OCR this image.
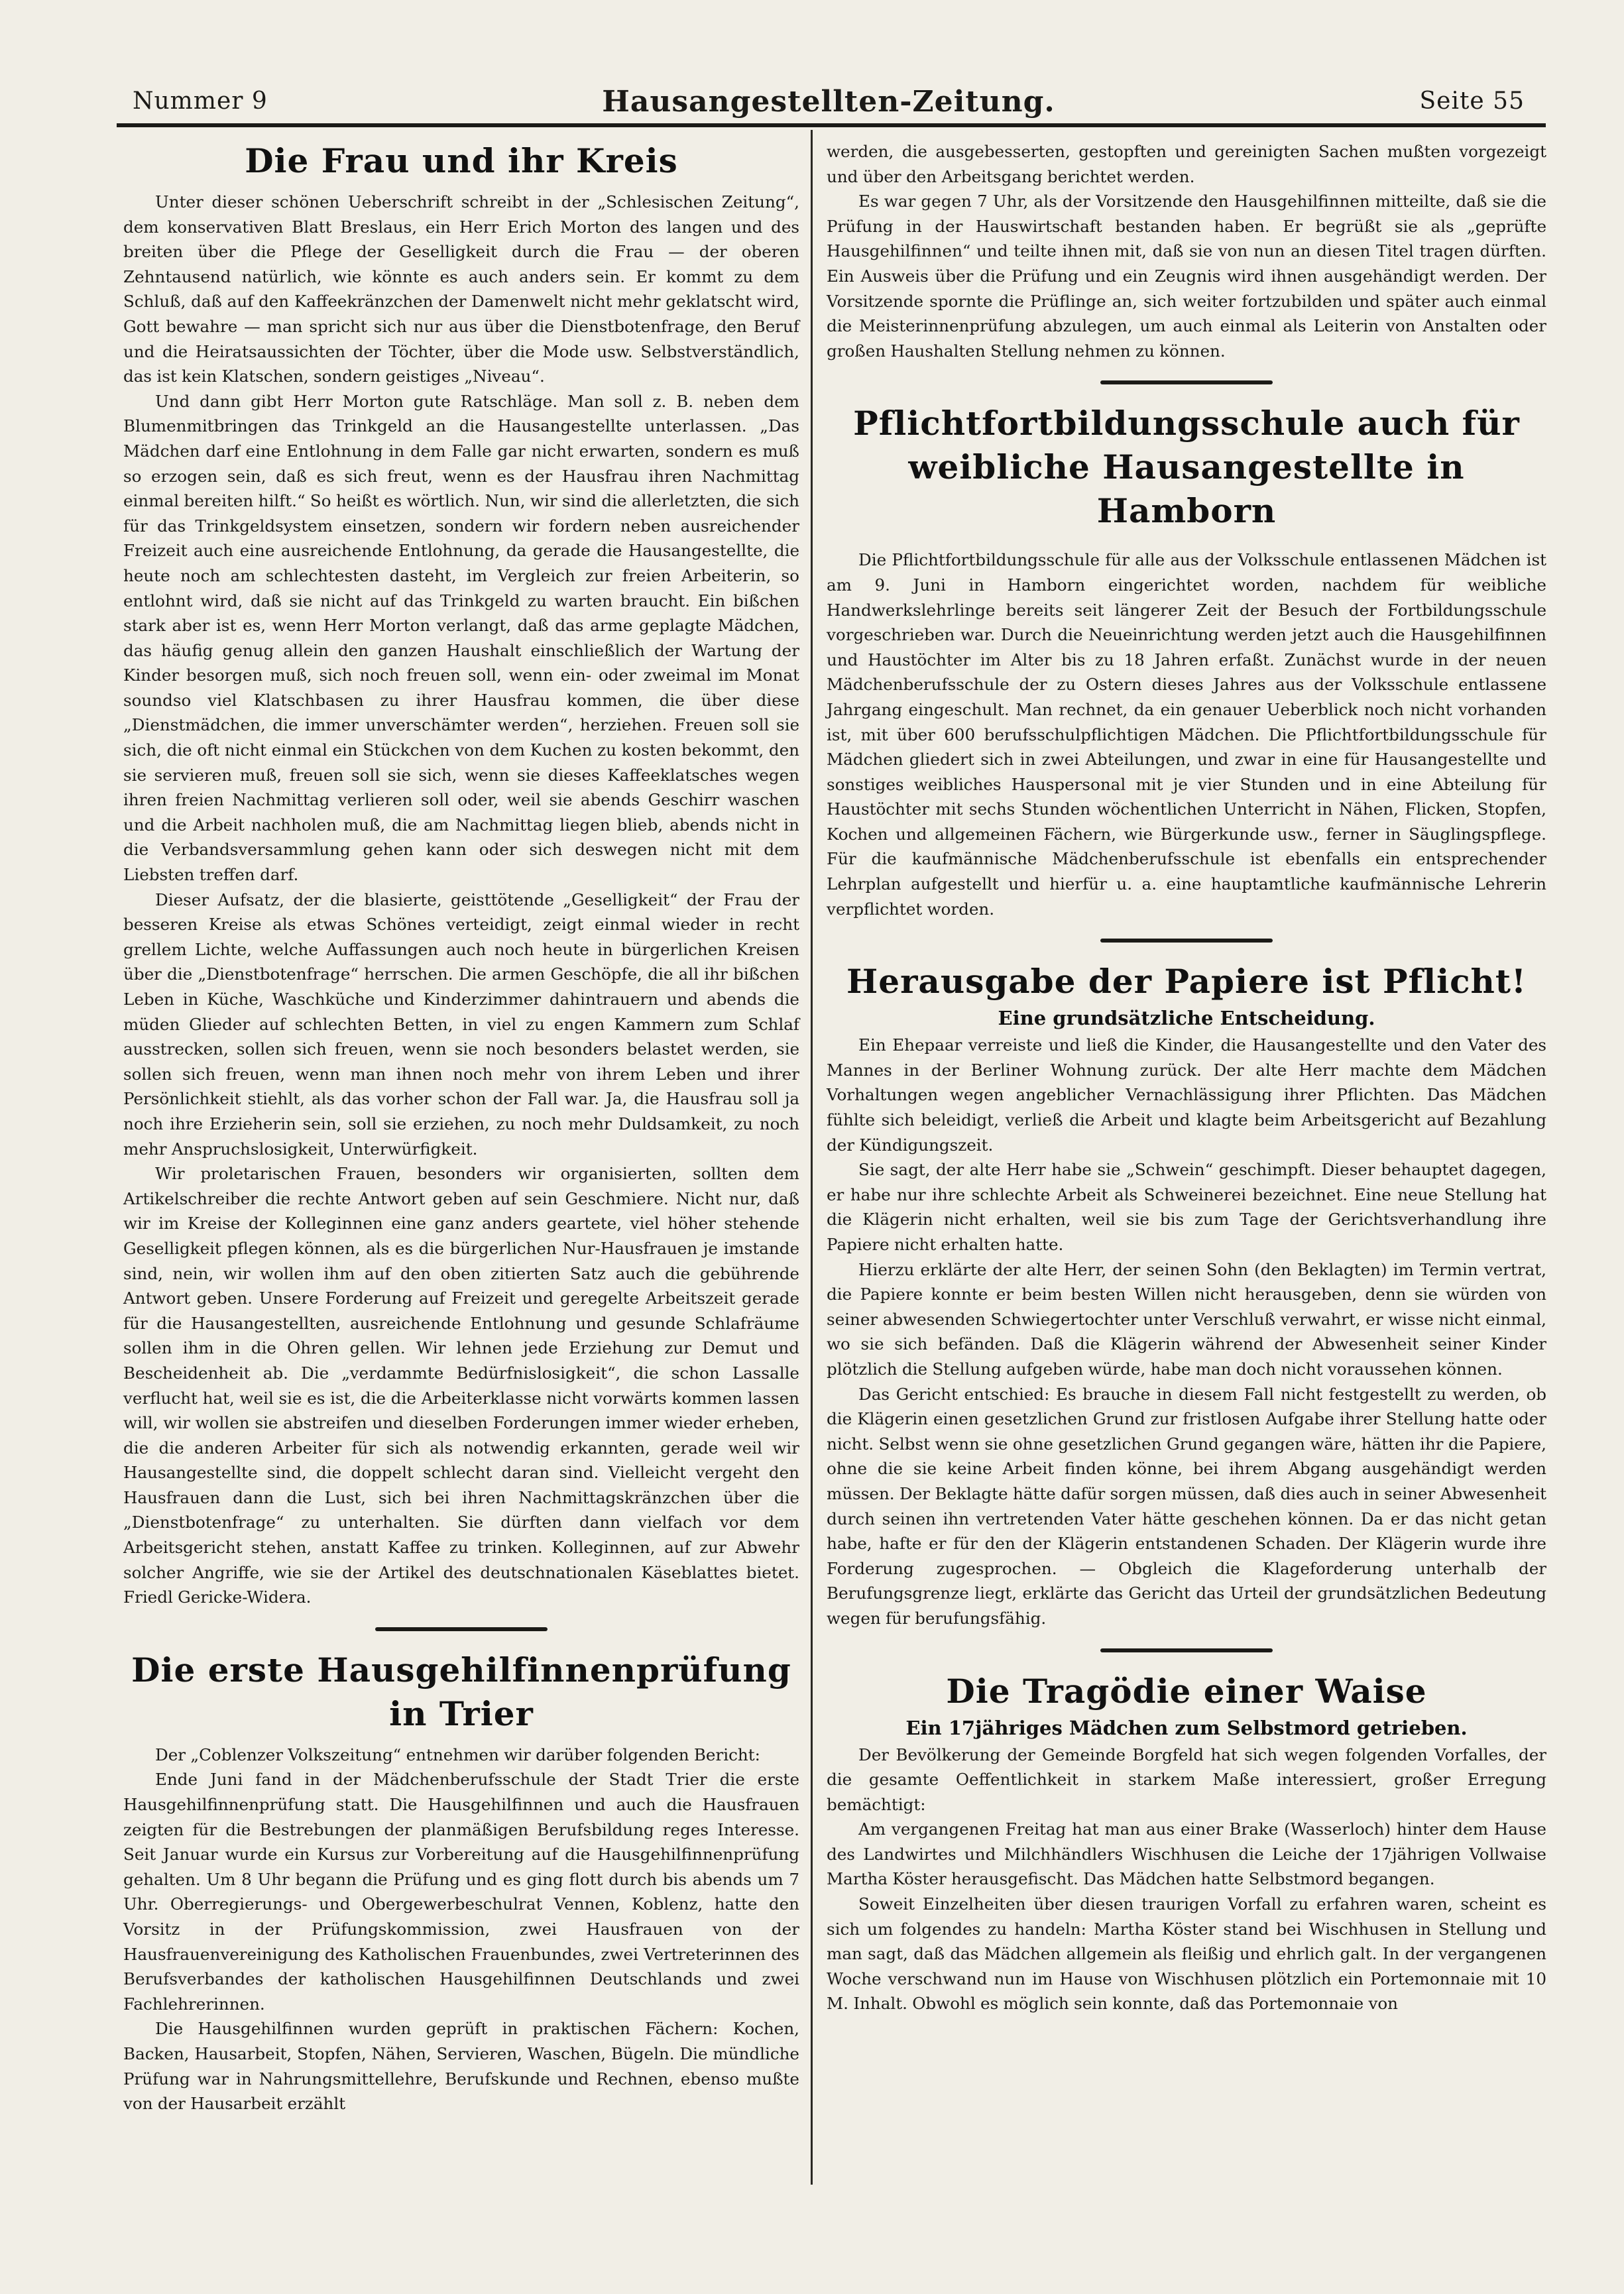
Nummer 9	Hausangestellten-Zeitung.	Seite 55
Die Frau und ihr Kreis

Unter dieser schönen Ueberschrift schreibt in der „Schlesischen Zeitung“, dem konservativen Blatt Breslaus, ein Herr Erich Morton des langen und des breiten über die Pflege der Geselligkeit durch die Frau — der oberen Zehntausend natürlich, wie könnte es auch anders sein. Er kommt zu dem Schluß, daß auf den Kaffeekränzchen der Damenwelt nicht mehr geklatscht wird, Gott bewahre — man spricht sich nur aus über die Dienstbotenfrage, den Beruf und die Heiratsaussichten der Töchter, über die Mode usw. Selbstverständlich, das ist kein Klatschen, sondern geistiges „Niveau“.

Und dann gibt Herr Morton gute Ratschläge. Man soll z. B. neben dem Blumenmitbringen das Trinkgeld an die Hausangestellte unterlassen. „Das Mädchen darf eine Entlohnung in dem Falle gar nicht erwarten, sondern es muß so erzogen sein, daß es sich freut, wenn es der Hausfrau ihren Nachmittag einmal bereiten hilft.“ So heißt es wörtlich. Nun, wir sind die allerletzten, die sich für das Trinkgeldsystem einsetzen, sondern wir fordern neben ausreichender Freizeit auch eine ausreichende Entlohnung, da gerade die Hausangestellte, die heute noch am schlechtesten dasteht, im Vergleich zur freien Arbeiterin, so entlohnt wird, daß sie nicht auf das Trinkgeld zu warten braucht. Ein bißchen stark aber ist es, wenn Herr Morton verlangt, daß das arme geplagte Mädchen, das häufig genug allein den ganzen Haushalt einschließlich der Wartung der Kinder besorgen muß, sich noch freuen soll, wenn ein- oder zweimal im Monat soundso viel Klatschbasen zu ihrer Hausfrau kommen, die über diese „Dienstmädchen, die immer unverschämter werden“, herziehen. Freuen soll sie sich, die oft nicht einmal ein Stückchen von dem Kuchen zu kosten bekommt, den sie servieren muß, freuen soll sie sich, wenn sie dieses Kaffeeklatsches wegen ihren freien Nachmittag verlieren soll oder, weil sie abends Geschirr waschen und die Arbeit nachholen muß, die am Nachmittag liegen blieb, abends nicht in die Verbandsversammlung gehen kann oder sich deswegen nicht mit dem Liebsten treffen darf.

Dieser Aufsatz, der die blasierte, geisttötende „Geselligkeit“ der Frau der besseren Kreise als etwas Schönes verteidigt, zeigt einmal wieder in recht grellem Lichte, welche Auffassungen auch noch heute in bürgerlichen Kreisen über die „Dienstbotenfrage“ herrschen. Die armen Geschöpfe, die all ihr bißchen Leben in Küche, Waschküche und Kinderzimmer dahintrauern und abends die müden Glieder auf schlechten Betten, in viel zu engen Kammern zum Schlaf ausstrecken, sollen sich freuen, wenn sie noch besonders belastet werden, sie sollen sich freuen, wenn man ihnen noch mehr von ihrem Leben und ihrer Persönlichkeit stiehlt, als das vorher schon der Fall war. Ja, die Hausfrau soll ja noch ihre Erzieherin sein, soll sie erziehen, zu noch mehr Duldsamkeit, zu noch mehr Anspruchslosigkeit, Unterwürfigkeit.

Wir proletarischen Frauen, besonders wir organisierten, sollten dem Artikelschreiber die rechte Antwort geben auf sein Geschmiere. Nicht nur, daß wir im Kreise der Kolleginnen eine ganz anders geartete, viel höher stehende Geselligkeit pflegen können, als es die bürgerlichen Nur-Hausfrauen je imstande sind, nein, wir wollen ihm auf den oben zitierten Satz auch die gebührende Antwort geben. Unsere Forderung auf Freizeit und geregelte Arbeitszeit gerade für die Hausangestellten, ausreichende Entlohnung und gesunde Schlafräume sollen ihm in die Ohren gellen. Wir lehnen jede Erziehung zur Demut und Bescheidenheit ab. Die „verdammte Bedürfnislosigkeit“, die schon Lassalle verflucht hat, weil sie es ist, die die Arbeiterklasse nicht vorwärts kommen lassen will, wir wollen sie abstreifen und dieselben Forderungen immer wieder erheben, die die anderen Arbeiter für sich als notwendig erkannten, gerade weil wir Hausangestellte sind, die doppelt schlecht daran sind. Vielleicht vergeht den Hausfrauen dann die Lust, sich bei ihren Nachmittagskränzchen über die „Dienstbotenfrage“ zu unterhalten. Sie dürften dann vielfach vor dem Arbeitsgericht stehen, anstatt Kaffee zu trinken. Kolleginnen, auf zur Abwehr solcher Angriffe, wie sie der Artikel des deutschnationalen Käseblattes bietet. Friedl Gericke-Widera.

Die erste Hausgehilfinnenprüfung in Trier

Der „Coblenzer Volkszeitung“ entnehmen wir darüber folgenden Bericht:

Ende Juni fand in der Mädchenberufsschule der Stadt Trier die erste Hausgehilfinnenprüfung statt. Die Hausgehilfinnen und auch die Hausfrauen zeigten für die Bestrebungen der planmäßigen Berufsbildung reges Interesse. Seit Januar wurde ein Kursus zur Vorbereitung auf die Hausgehilfinnenprüfung gehalten. Um 8 Uhr begann die Prüfung und es ging flott durch bis abends um 7 Uhr. Oberregierungs- und Obergewerbeschulrat Vennen, Koblenz, hatte den Vorsitz in der Prüfungskommission, zwei Hausfrauen von der Hausfrauenvereinigung des Katholischen Frauenbundes, zwei Vertreterinnen des Berufsverbandes der katholischen Hausgehilfinnen Deutschlands und zwei Fachlehrerinnen.

Die Hausgehilfinnen wurden geprüft in praktischen Fächern: Kochen, Backen, Hausarbeit, Stopfen, Nähen, Servieren, Waschen, Bügeln. Die mündliche Prüfung war in Nahrungsmittellehre, Berufskunde und Rechnen, ebenso mußte von der Hausarbeit erzählt

werden, die ausgebesserten, gestopften und gereinigten Sachen mußten vorgezeigt und über den Arbeitsgang berichtet werden.

Es war gegen 7 Uhr, als der Vorsitzende den Hausgehilfinnen mitteilte, daß sie die Prüfung in der Hauswirtschaft bestanden haben. Er begrüßt sie als „geprüfte Hausgehilfinnen“ und teilte ihnen mit, daß sie von nun an diesen Titel tragen dürften. Ein Ausweis über die Prüfung und ein Zeugnis wird ihnen ausgehändigt werden. Der Vorsitzende spornte die Prüflinge an, sich weiter fortzubilden und später auch einmal die Meisterinnenprüfung abzulegen, um auch einmal als Leiterin von Anstalten oder großen Haushalten Stellung nehmen zu können.

Pflichtfortbildungsschule auch für weibliche Hausangestellte in Hamborn

Die Pflichtfortbildungsschule für alle aus der Volksschule entlassenen Mädchen ist am 9. Juni in Hamborn eingerichtet worden, nachdem für weibliche Handwerkslehrlinge bereits seit längerer Zeit der Besuch der Fortbildungsschule vorgeschrieben war. Durch die Neueinrichtung werden jetzt auch die Hausgehilfinnen und Haustöchter im Alter bis zu 18 Jahren erfaßt. Zunächst wurde in der neuen Mädchenberufsschule der zu Ostern dieses Jahres aus der Volksschule entlassene Jahrgang eingeschult. Man rechnet, da ein genauer Ueberblick noch nicht vorhanden ist, mit über 600 berufsschulpflichtigen Mädchen. Die Pflichtfortbildungsschule für Mädchen gliedert sich in zwei Abteilungen, und zwar in eine für Hausangestellte und sonstiges weibliches Hauspersonal mit je vier Stunden und in eine Abteilung für Haustöchter mit sechs Stunden wöchentlichen Unterricht in Nähen, Flicken, Stopfen, Kochen und allgemeinen Fächern, wie Bürgerkunde usw., ferner in Säuglingspflege. Für die kaufmännische Mädchenberufsschule ist ebenfalls ein entsprechender Lehrplan aufgestellt und hierfür u. a. eine hauptamtliche kaufmännische Lehrerin verpflichtet worden.

Herausgabe der Papiere ist Pflicht!
Eine grundsätzliche Entscheidung.

Ein Ehepaar verreiste und ließ die Kinder, die Hausangestellte und den Vater des Mannes in der Berliner Wohnung zurück. Der alte Herr machte dem Mädchen Vorhaltungen wegen angeblicher Vernachlässigung ihrer Pflichten. Das Mädchen fühlte sich beleidigt, verließ die Arbeit und klagte beim Arbeitsgericht auf Bezahlung der Kündigungszeit.

Sie sagt, der alte Herr habe sie „Schwein“ geschimpft. Dieser behauptet dagegen, er habe nur ihre schlechte Arbeit als Schweinerei bezeichnet. Eine neue Stellung hat die Klägerin nicht erhalten, weil sie bis zum Tage der Gerichtsverhandlung ihre Papiere nicht erhalten hatte.

Hierzu erklärte der alte Herr, der seinen Sohn (den Beklagten) im Termin vertrat, die Papiere konnte er beim besten Willen nicht herausgeben, denn sie würden von seiner abwesenden Schwiegertochter unter Verschluß verwahrt, er wisse nicht einmal, wo sie sich befänden. Daß die Klägerin während der Abwesenheit seiner Kinder plötzlich die Stellung aufgeben würde, habe man doch nicht voraussehen können.

Das Gericht entschied: Es brauche in diesem Fall nicht festgestellt zu werden, ob die Klägerin einen gesetzlichen Grund zur fristlosen Aufgabe ihrer Stellung hatte oder nicht. Selbst wenn sie ohne gesetzlichen Grund gegangen wäre, hätten ihr die Papiere, ohne die sie keine Arbeit finden könne, bei ihrem Abgang ausgehändigt werden müssen. Der Beklagte hätte dafür sorgen müssen, daß dies auch in seiner Abwesenheit durch seinen ihn vertretenden Vater hätte geschehen können. Da er das nicht getan habe, hafte er für den der Klägerin entstandenen Schaden. Der Klägerin wurde ihre Forderung zugesprochen. — Obgleich die Klageforderung unterhalb der Berufungsgrenze liegt, erklärte das Gericht das Urteil der grundsätzlichen Bedeutung wegen für berufungsfähig.

Die Tragödie einer Waise
Ein 17jähriges Mädchen zum Selbstmord getrieben.

Der Bevölkerung der Gemeinde Borgfeld hat sich wegen folgenden Vorfalles, der die gesamte Oeffentlichkeit in starkem Maße interessiert, großer Erregung bemächtigt:

Am vergangenen Freitag hat man aus einer Brake (Wasserloch) hinter dem Hause des Landwirtes und Milchhändlers Wischhusen die Leiche der 17jährigen Vollwaise Martha Köster herausgefischt. Das Mädchen hatte Selbstmord begangen.

Soweit Einzelheiten über diesen traurigen Vorfall zu erfahren waren, scheint es sich um folgendes zu handeln: Martha Köster stand bei Wischhusen in Stellung und man sagt, daß das Mädchen allgemein als fleißig und ehrlich galt. In der vergangenen Woche verschwand nun im Hause von Wischhusen plötzlich ein Portemonnaie mit 10 M. Inhalt. Obwohl es möglich sein konnte, daß das Portemonnaie von
